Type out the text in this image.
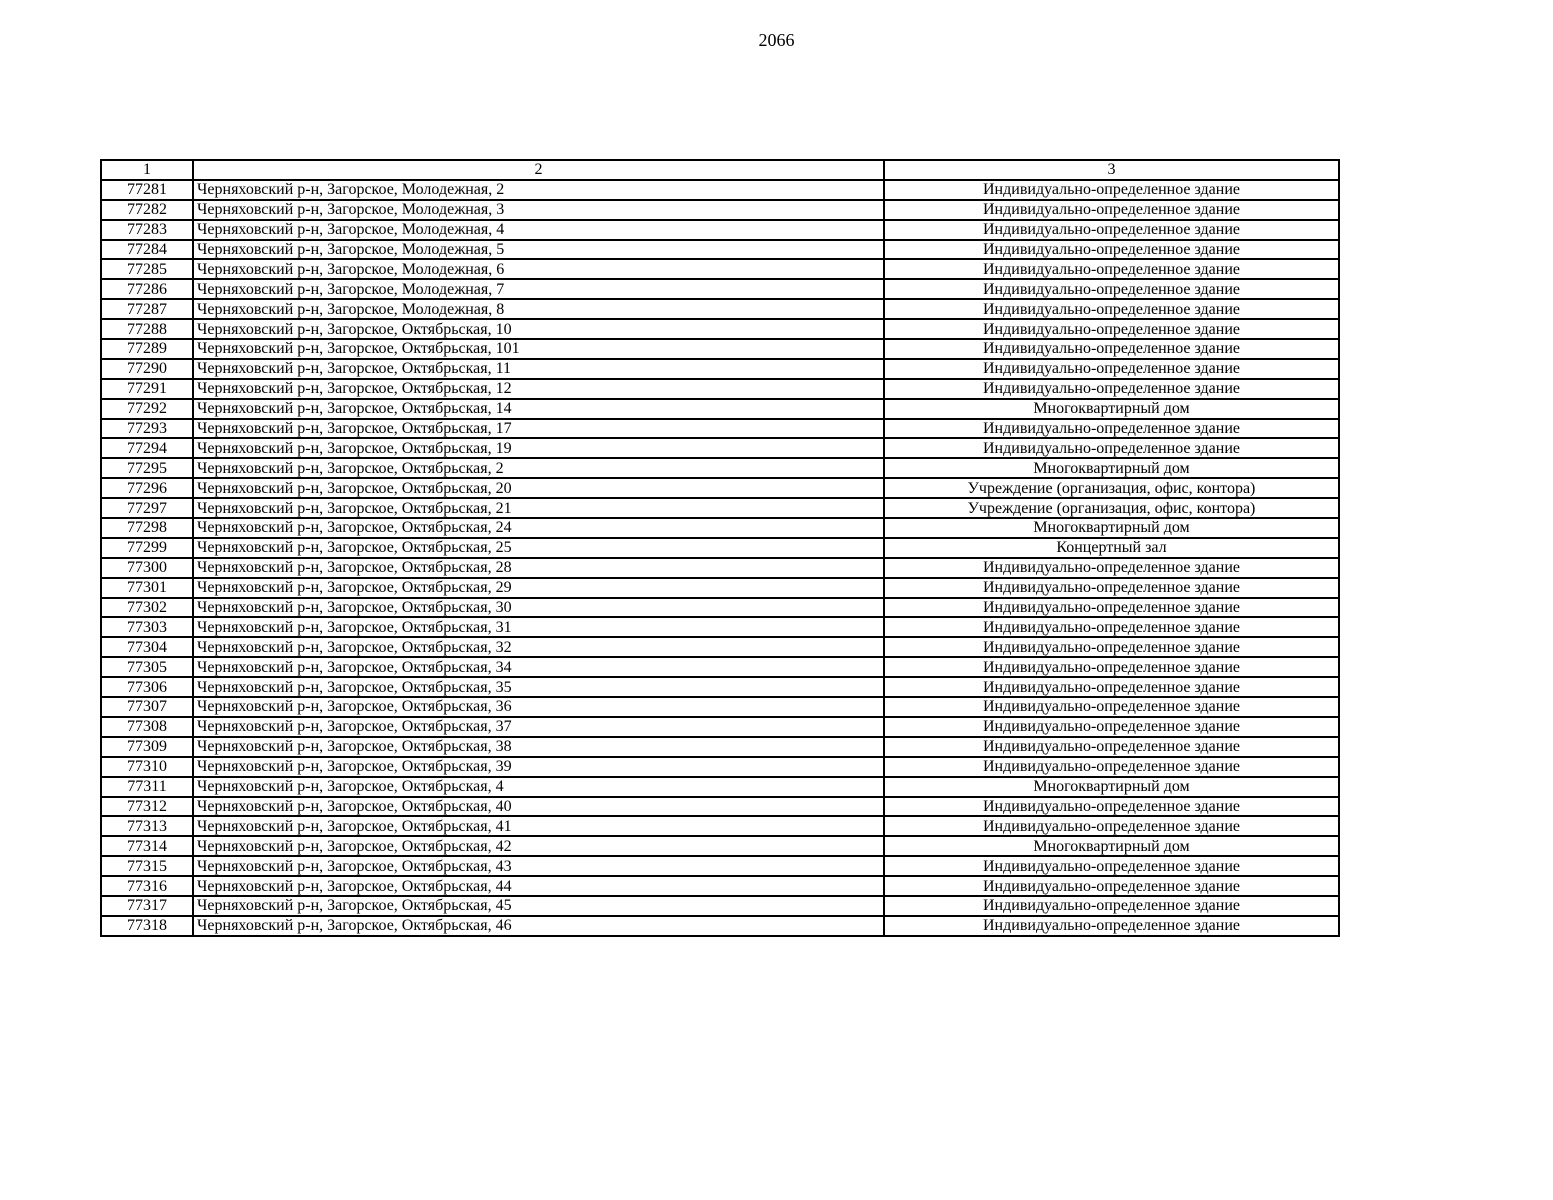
2066
1	2	3
77281	Черняховский р-н, Загорское, Молодежная, 2	Индивидуально-определенное здание
77282	Черняховский р-н, Загорское, Молодежная, 3	Индивидуально-определенное здание
77283	Черняховский р-н, Загорское, Молодежная, 4	Индивидуально-определенное здание
77284	Черняховский р-н, Загорское, Молодежная, 5	Индивидуально-определенное здание
77285	Черняховский р-н, Загорское, Молодежная, 6	Индивидуально-определенное здание
77286	Черняховский р-н, Загорское, Молодежная, 7	Индивидуально-определенное здание
77287	Черняховский р-н, Загорское, Молодежная, 8	Индивидуально-определенное здание
77288	Черняховский р-н, Загорское, Октябрьская, 10	Индивидуально-определенное здание
77289	Черняховский р-н, Загорское, Октябрьская, 101	Индивидуально-определенное здание
77290	Черняховский р-н, Загорское, Октябрьская, 11	Индивидуально-определенное здание
77291	Черняховский р-н, Загорское, Октябрьская, 12	Индивидуально-определенное здание
77292	Черняховский р-н, Загорское, Октябрьская, 14	Многоквартирный дом
77293	Черняховский р-н, Загорское, Октябрьская, 17	Индивидуально-определенное здание
77294	Черняховский р-н, Загорское, Октябрьская, 19	Индивидуально-определенное здание
77295	Черняховский р-н, Загорское, Октябрьская, 2	Многоквартирный дом
77296	Черняховский р-н, Загорское, Октябрьская, 20	Учреждение (организация, офис, контора)
77297	Черняховский р-н, Загорское, Октябрьская, 21	Учреждение (организация, офис, контора)
77298	Черняховский р-н, Загорское, Октябрьская, 24	Многоквартирный дом
77299	Черняховский р-н, Загорское, Октябрьская, 25	Концертный зал
77300	Черняховский р-н, Загорское, Октябрьская, 28	Индивидуально-определенное здание
77301	Черняховский р-н, Загорское, Октябрьская, 29	Индивидуально-определенное здание
77302	Черняховский р-н, Загорское, Октябрьская, 30	Индивидуально-определенное здание
77303	Черняховский р-н, Загорское, Октябрьская, 31	Индивидуально-определенное здание
77304	Черняховский р-н, Загорское, Октябрьская, 32	Индивидуально-определенное здание
77305	Черняховский р-н, Загорское, Октябрьская, 34	Индивидуально-определенное здание
77306	Черняховский р-н, Загорское, Октябрьская, 35	Индивидуально-определенное здание
77307	Черняховский р-н, Загорское, Октябрьская, 36	Индивидуально-определенное здание
77308	Черняховский р-н, Загорское, Октябрьская, 37	Индивидуально-определенное здание
77309	Черняховский р-н, Загорское, Октябрьская, 38	Индивидуально-определенное здание
77310	Черняховский р-н, Загорское, Октябрьская, 39	Индивидуально-определенное здание
77311	Черняховский р-н, Загорское, Октябрьская, 4	Многоквартирный дом
77312	Черняховский р-н, Загорское, Октябрьская, 40	Индивидуально-определенное здание
77313	Черняховский р-н, Загорское, Октябрьская, 41	Индивидуально-определенное здание
77314	Черняховский р-н, Загорское, Октябрьская, 42	Многоквартирный дом
77315	Черняховский р-н, Загорское, Октябрьская, 43	Индивидуально-определенное здание
77316	Черняховский р-н, Загорское, Октябрьская, 44	Индивидуально-определенное здание
77317	Черняховский р-н, Загорское, Октябрьская, 45	Индивидуально-определенное здание
77318	Черняховский р-н, Загорское, Октябрьская, 46	Индивидуально-определенное здание
